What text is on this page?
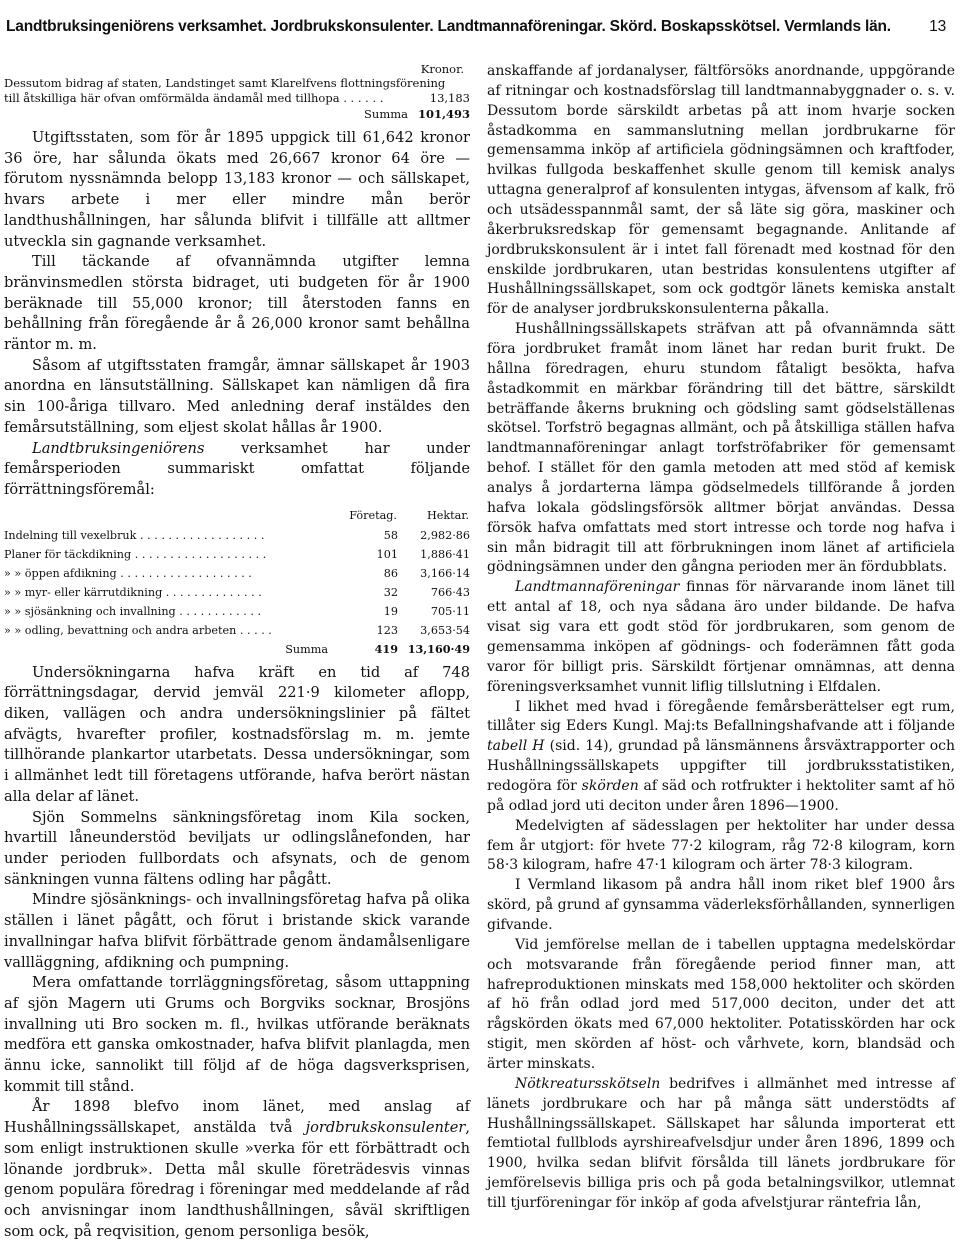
Landtbruksingeniörens verksamhet. Jordbrukskonsulenter. Landtmannaföreningar. Skörd. Boskapsskötsel. Vermlands län. 13
Kronor.
Dessutom bidrag af staten, Landstinget samt Klarelfvens flottningsförening
till åtskilliga här ofvan omförmälda ändamål med tillhopa . . . . . .	13,183
Summa 101,493

Utgiftsstaten, som för år 1895 uppgick till 61,642 kronor 36 öre, har sålunda ökats med 26,667 kronor 64 öre — förutom nyssnämnda belopp 13,183 kronor — och sällskapet, hvars arbete i mer eller mindre mån berör landthushållningen, har sålunda blifvit i tillfälle att alltmer utveckla sin gagnande verksamhet.

Till täckande af ofvannämnda utgifter lemna bränvinsmedlen största bidraget, uti budgeten för år 1900 beräknade till 55,000 kronor; till återstoden fanns en behållning från föregående år å 26,000 kronor samt behållna räntor m. m.

Såsom af utgiftsstaten framgår, ämnar sällskapet år 1903 anordna en länsutställning. Sällskapet kan nämligen då fira sin 100-åriga tillvaro. Med anledning deraf instäldes den femårsutställning, som eljest skolat hållas år 1900.

Landtbruksingeniörens verksamhet har under femårsperioden summariskt omfattat följande förrättningsföremål:

	Företag.	Hektar.
Indelning till vexelbruk . . . . . . . . . . . . . . . . . .	58	2,982·86
Planer för täckdikning . . . . . . . . . . . . . . . . . . .	101	1,886·41
» » öppen afdikning . . . . . . . . . . . . . . . . . . .	86	3,166·14
» » myr- eller kärrutdikning . . . . . . . . . . . . . .	32	766·43
» » sjösänkning och invallning . . . . . . . . . . . .	19	705·11
» » odling, bevattning och andra arbeten . . . . .	123	3,653·54
Summa	419	13,160·49

Undersökningarna hafva kräft en tid af 748 förrättningsdagar, dervid jemväl 221·9 kilometer aflopp, diken, vallägen och andra undersökningslinier på fältet afvägts, hvarefter profiler, kostnadsförslag m. m. jemte tillhörande plankartor utarbetats. Dessa undersökningar, som i allmänhet ledt till företagens utförande, hafva berört nästan alla delar af länet.

Sjön Sommelns sänkningsföretag inom Kila socken, hvartill låneunderstöd beviljats ur odlingslånefonden, har under perioden fullbordats och afsynats, och de genom sänkningen vunna fältens odling har pågått.

Mindre sjösänknings- och invallningsföretag hafva på olika ställen i länet pågått, och förut i bristande skick varande invallningar hafva blifvit förbättrade genom ändamålsenligare vallläggning, afdikning och pumpning.

Mera omfattande torrläggningsföretag, såsom uttappning af sjön Magern uti Grums och Borgviks socknar, Brosjöns invallning uti Bro socken m. fl., hvilkas utförande beräknats medföra ett ganska omkostnader, hafva blifvit planlagda, men ännu icke, sannolikt till följd af de höga dagsverksprisen, kommit till stånd.

År 1898 blefvo inom länet, med anslag af Hushållningssällskapet, anstälda två jordbrukskonsulenter, som enligt instruktionen skulle »verka för ett förbättradt och lönande jordbruk». Detta mål skulle företrädesvis vinnas genom populära föredrag i föreningar med meddelande af råd och anvisningar inom landthushållningen, såväl skriftligen som ock, på reqvisition, genom personliga besök,

anskaffande af jordanalyser, fältförsöks anordnande, uppgörande af ritningar och kostnadsförslag till landtmannabyggnader o. s. v. Dessutom borde särskildt arbetas på att inom hvarje socken åstadkomma en sammanslutning mellan jordbrukarne för gemensamma inköp af artificiela gödningsämnen och kraftfoder, hvilkas fullgoda beskaffenhet skulle genom till kemisk analys uttagna generalprof af konsulenten intygas, äfvensom af kalk, frö och utsädesspannmål samt, der så läte sig göra, maskiner och åkerbruksredskap för gemensamt begagnande. Anlitande af jordbrukskonsulent är i intet fall förenadt med kostnad för den enskilde jordbrukaren, utan bestridas konsulentens utgifter af Hushållningssällskapet, som ock godtgör länets kemiska anstalt för de analyser jordbrukskonsulenterna påkalla.

Hushållningssällskapets sträfvan att på ofvannämnda sätt föra jordbruket framåt inom länet har redan burit frukt. De hållna föredragen, ehuru stundom fåtaligt besökta, hafva åstadkommit en märkbar förändring till det bättre, särskildt beträffande åkerns brukning och gödsling samt gödselställenas skötsel. Torfströ begagnas allmänt, och på åtskilliga ställen hafva landtmannaföreningar anlagt torfströfabriker för gemensamt behof. I stället för den gamla metoden att med stöd af kemisk analys å jordarterna lämpa gödselmedels tillförande å jorden hafva lokala gödslingsförsök alltmer börjat användas. Dessa försök hafva omfattats med stort intresse och torde nog hafva i sin mån bidragit till att förbrukningen inom länet af artificiela gödningsämnen under den gångna perioden mer än fördubblats.

Landtmannaföreningar finnas för närvarande inom länet till ett antal af 18, och nya sådana äro under bildande. De hafva visat sig vara ett godt stöd för jordbrukaren, som genom de gemensamma inköpen af gödnings- och foderämnen fått goda varor för billigt pris. Särskildt förtjenar omnämnas, att denna föreningsverksamhet vunnit liflig tillslutning i Elfdalen.

I likhet med hvad i föregående femårsberättelser egt rum, tillåter sig Eders Kungl. Maj:ts Befallningshafvande att i följande tabell H (sid. 14), grundad på länsmännens årsväxtrapporter och Hushållningssällskapets uppgifter till jordbruksstatistiken, redogöra för skörden af säd och rotfrukter i hektoliter samt af hö på odlad jord uti deciton under åren 1896—1900.

Medelvigten af sädesslagen per hektoliter har under dessa fem år utgjort: för hvete 77·2 kilogram, råg 72·8 kilogram, korn 58·3 kilogram, hafre 47·1 kilogram och ärter 78·3 kilogram.

I Vermland likasom på andra håll inom riket blef 1900 års skörd, på grund af gynsamma väderleksförhållanden, synnerligen gifvande.

Vid jemförelse mellan de i tabellen upptagna medelskördar och motsvarande från föregående period finner man, att hafreproduktionen minskats med 158,000 hektoliter och skörden af hö från odlad jord med 517,000 deciton, under det att rågskörden ökats med 67,000 hektoliter. Potatisskörden har ock stigit, men skörden af höst- och vårhvete, korn, blandsäd och ärter minskats.

Nötkreatursskötseln bedrifves i allmänhet med intresse af länets jordbrukare och har på många sätt understödts af Hushållningssällskapet. Sällskapet har sålunda importerat ett femtiotal fullblods ayrshireafvelsdjur under åren 1896, 1899 och 1900, hvilka sedan blifvit försålda till länets jordbrukare för jemförelsevis billiga pris och på goda betalningsvilkor, utlemnat till tjurföreningar för inköp af goda afvelstjurar räntefria lån,
